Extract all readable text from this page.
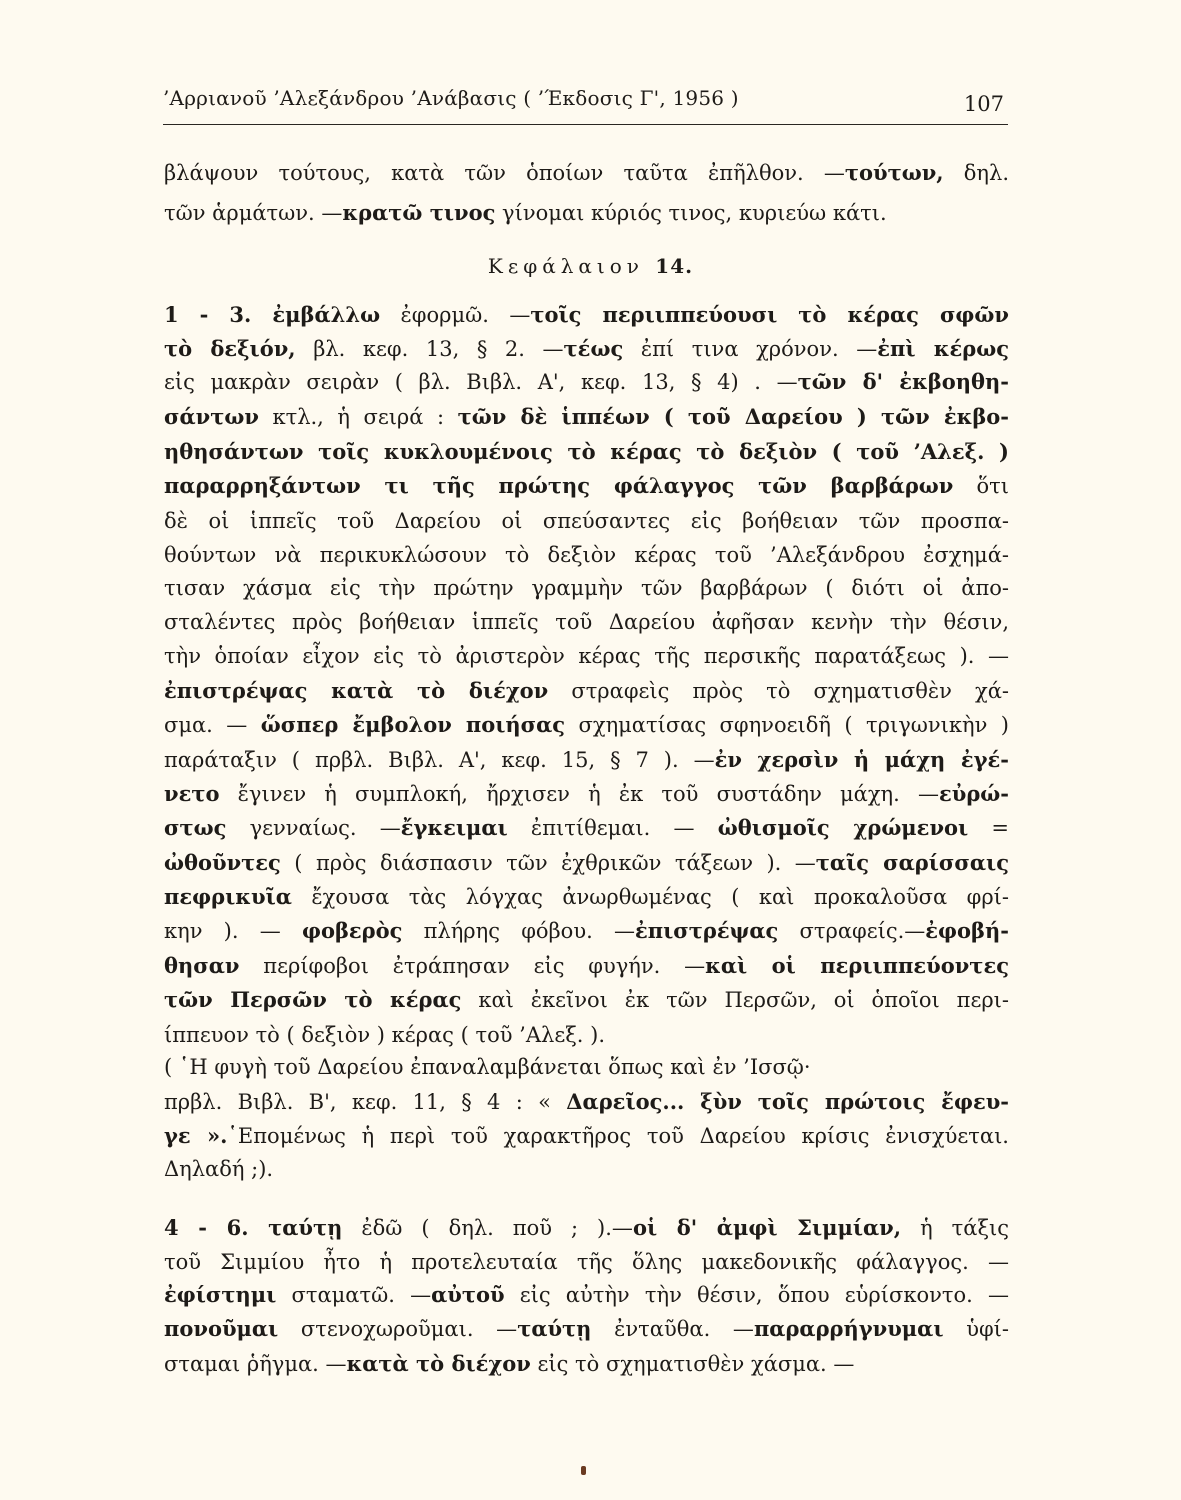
’Αρριανοῦ ’Αλεξάνδρου ’Ανάβασις ( ’Έκδοσις Γ', 1956 )	107
Κεφάλαιον 14.
βλάψουν τούτους, κατὰ τῶν ὁποίων ταῦτα ἐπῆλθον. —τούτων, δηλ.
τῶν ἁρμάτων. —κρατῶ τινος γίνομαι κύριός τινος, κυριεύω κάτι.
1 - 3. ἐμβάλλω ἐφορμῶ. —τοῖς περιιππεύουσι τὸ κέρας σφῶν
τὸ δεξιόν, βλ. κεφ. 13, § 2. —τέως ἐπί τινα χρόνον. —ἐπὶ κέρως
εἰς μακρὰν σειρὰν ( βλ. Βιβλ. Α', κεφ. 13, § 4) . —τῶν δ' ἐκβοηθη-
σάντων κτλ., ἡ σειρά : τῶν δὲ ἱππέων ( τοῦ Δαρείου ) τῶν ἐκβο-
ηθησάντων τοῖς κυκλουμένοις τὸ κέρας τὸ δεξιὸν ( τοῦ ’Αλεξ. )
παραρρηξάντων τι τῆς πρώτης φάλαγγος τῶν βαρβάρων ὅτι
δὲ οἱ ἱππεῖς τοῦ Δαρείου οἱ σπεύσαντες εἰς βοήθειαν τῶν προσπα-
θούντων νὰ περικυκλώσουν τὸ δεξιὸν κέρας τοῦ ’Αλεξάνδρου ἐσχημά-
τισαν χάσμα εἰς τὴν πρώτην γραμμὴν τῶν βαρβάρων ( διότι οἱ ἀπο-
σταλέντες πρὸς βοήθειαν ἱππεῖς τοῦ Δαρείου ἀφῆσαν κενὴν τὴν θέσιν,
τὴν ὁποίαν εἶχον εἰς τὸ ἀριστερὸν κέρας τῆς περσικῆς παρατάξεως ). —
ἐπιστρέψας κατὰ τὸ διέχον στραφεὶς πρὸς τὸ σχηματισθὲν χά-
σμα. — ὥσπερ ἔμβολον ποιήσας σχηματίσας σφηνοειδῆ ( τριγωνικὴν )
παράταξιν ( πρβλ. Βιβλ. Α', κεφ. 15, § 7 ). —ἐν χερσὶν ἡ μάχη ἐγέ-
νετο ἔγινεν ἡ συμπλοκή, ἤρχισεν ἡ ἐκ τοῦ συστάδην μάχη. —εὐρώ-
στως γενναίως. —ἔγκειμαι ἐπιτίθεμαι. — ὠθισμοῖς χρώμενοι =
ὠθοῦντες ( πρὸς διάσπασιν τῶν ἐχθρικῶν τάξεων ). —ταῖς σαρίσσαις
πεφρικυῖα ἔχουσα τὰς λόγχας ἀνωρθωμένας ( καὶ προκαλοῦσα φρί-
κην ). — φοβερὸς πλήρης φόβου. —ἐπιστρέψας στραφείς.—ἐφοβή-
θησαν περίφοβοι ἐτράπησαν εἰς φυγήν. —καὶ οἱ περιιππεύοντες
τῶν Περσῶν τὸ κέρας καὶ ἐκεῖνοι ἐκ τῶν Περσῶν, οἱ ὁποῖοι περι-
ίππευον τὸ ( δεξιὸν ) κέρας ( τοῦ ’Αλεξ. ).
( ῾Η φυγὴ τοῦ Δαρείου ἐπαναλαμβάνεται ὅπως καὶ ἐν ’Ισσῷ·
πρβλ. Βιβλ. Β', κεφ. 11, § 4 : « Δαρεῖος... ξὺν τοῖς πρώτοις ἔφευ-
γε ».῾Επομένως ἡ περὶ τοῦ χαρακτῆρος τοῦ Δαρείου κρίσις ἐνισχύεται.
Δηλαδή ;).
4 - 6. ταύτῃ ἐδῶ ( δηλ. ποῦ ; ).—οἱ δ' ἀμφὶ Σιμμίαν, ἡ τάξις
τοῦ Σιμμίου ἦτο ἡ προτελευταία τῆς ὅλης μακεδονικῆς φάλαγγος. —
ἐφίστημι σταματῶ. —αὐτοῦ εἰς αὐτὴν τὴν θέσιν, ὅπου εὑρίσκοντο. —
πονοῦμαι στενοχωροῦμαι. —ταύτῃ ἐνταῦθα. —παραρρήγνυμαι ὑφί-
σταμαι ῥῆγμα. —κατὰ τὸ διέχον εἰς τὸ σχηματισθὲν χάσμα. —
